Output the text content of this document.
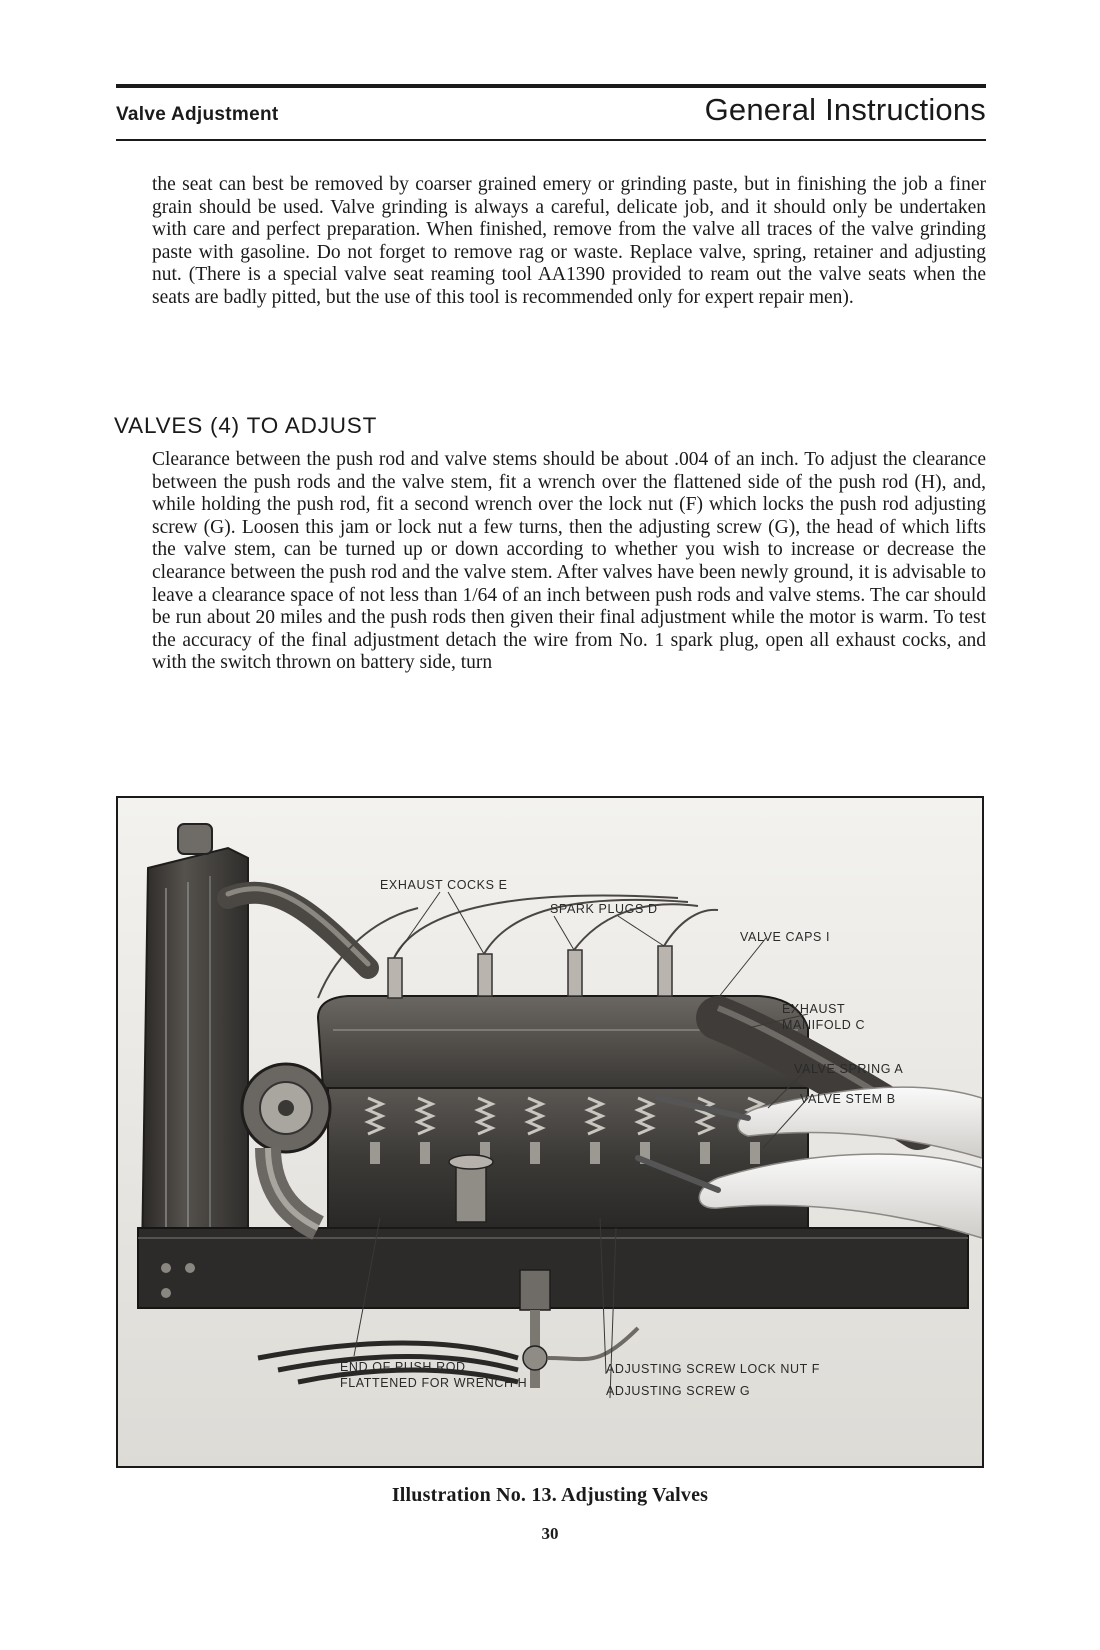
Valve Adjustment	General Instructions

the seat can best be removed by coarser grained emery or grinding paste, but in finishing the job a finer grain should be used. Valve grinding is always a careful, delicate job, and it should only be undertaken with care and perfect preparation. When finished, remove from the valve all traces of the valve grinding paste with gasoline. Do not forget to remove rag or waste. Replace valve, spring, retainer and adjusting nut. (There is a special valve seat reaming tool AA1390 provided to ream out the valve seats when the seats are badly pitted, but the use of this tool is recommended only for expert repair men).

VALVES (4) TO ADJUST

Clearance between the push rod and valve stems should be about .004 of an inch. To adjust the clearance between the push rods and the valve stem, fit a wrench over the flattened side of the push rod (H), and, while holding the push rod, fit a second wrench over the lock nut (F) which locks the push rod adjusting screw (G). Loosen this jam or lock nut a few turns, then the adjusting screw (G), the head of which lifts the valve stem, can be turned up or down according to whether you wish to increase or decrease the clearance between the push rod and the valve stem. After valves have been newly ground, it is advisable to leave a clearance space of not less than 1/64 of an inch between push rods and valve stems. The car should be run about 20 miles and the push rods then given their final adjustment while the motor is warm. To test the accuracy of the final adjustment detach the wire from No. 1 spark plug, open all exhaust cocks, and with the switch thrown on battery side, turn

EXHAUST COCKS E
SPARK PLUGS D
VALVE CAPS I
EXHAUST
MANIFOLD C
VALVE SPRING A
VALVE STEM B
END OF PUSH ROD
FLATTENED FOR WRENCH H
ADJUSTING SCREW LOCK NUT F
ADJUSTING SCREW G
Illustration No. 13. Adjusting Valves
30
